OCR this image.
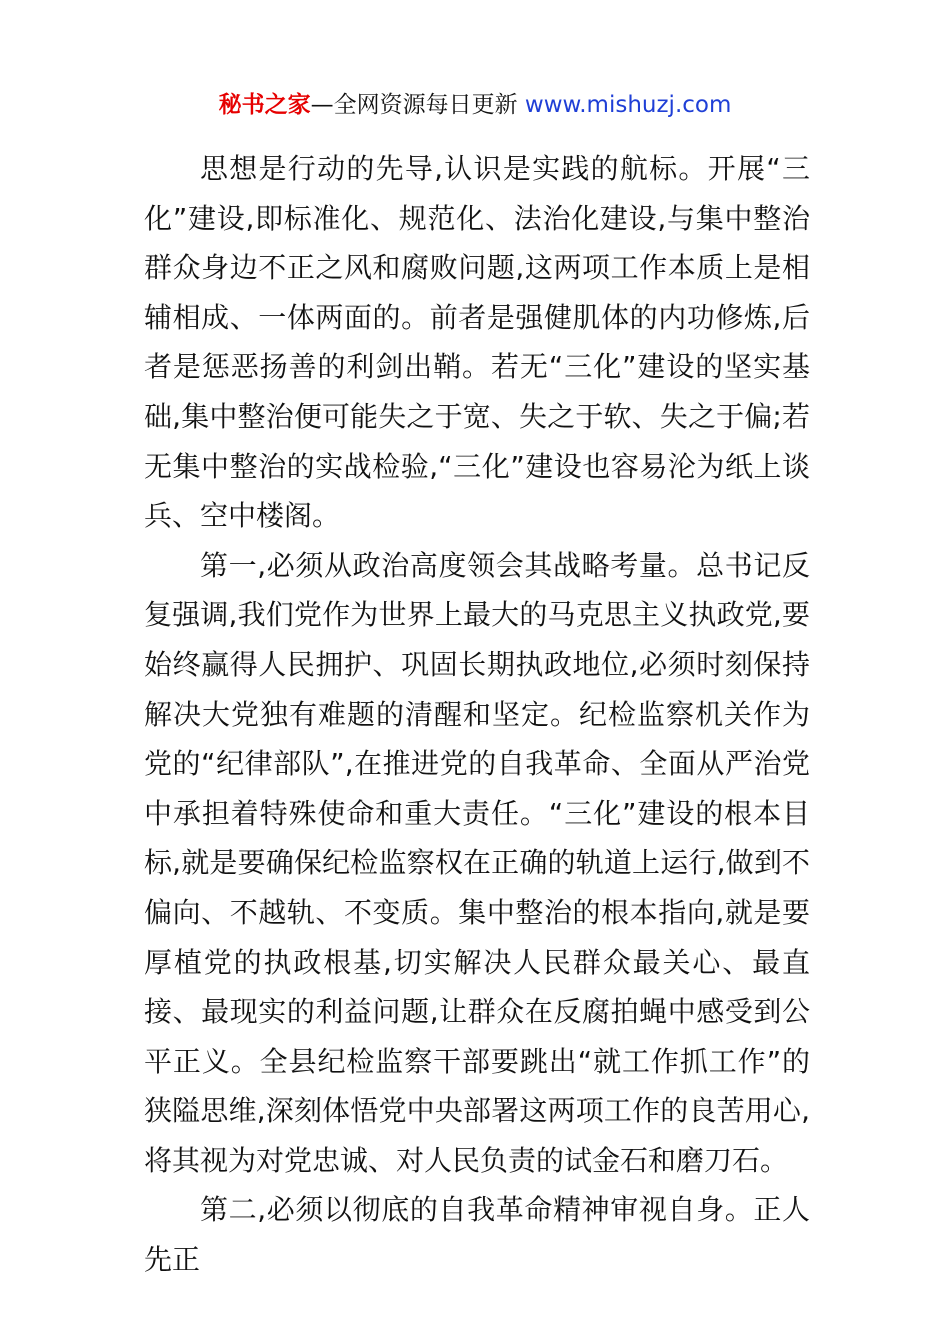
秘书之家—全网资源每日更新 www.mishuzj.com

思想是行动的先导,认识是实践的航标。开展“三化”建设,即标准化、规范化、法治化建设,与集中整治群众身边不正之风和腐败问题,这两项工作本质上是相辅相成、一体两面的。前者是强健肌体的内功修炼,后者是惩恶扬善的利剑出鞘。若无“三化”建设的坚实基础,集中整治便可能失之于宽、失之于软、失之于偏;若无集中整治的实战检验,“三化”建设也容易沦为纸上谈兵、空中楼阁。

第一,必须从政治高度领会其战略考量。总书记反复强调,我们党作为世界上最大的马克思主义执政党,要始终赢得人民拥护、巩固长期执政地位,必须时刻保持解决大党独有难题的清醒和坚定。纪检监察机关作为党的“纪律部队”,在推进党的自我革命、全面从严治党中承担着特殊使命和重大责任。“三化”建设的根本目标,就是要确保纪检监察权在正确的轨道上运行,做到不偏向、不越轨、不变质。集中整治的根本指向,就是要厚植党的执政根基,切实解决人民群众最关心、最直接、最现实的利益问题,让群众在反腐拍蝇中感受到公平正义。全县纪检监察干部要跳出“就工作抓工作”的狭隘思维,深刻体悟党中央部署这两项工作的良苦用心,将其视为对党忠诚、对人民负责的试金石和磨刀石。

第二,必须以彻底的自我革命精神审视自身。正人先正
